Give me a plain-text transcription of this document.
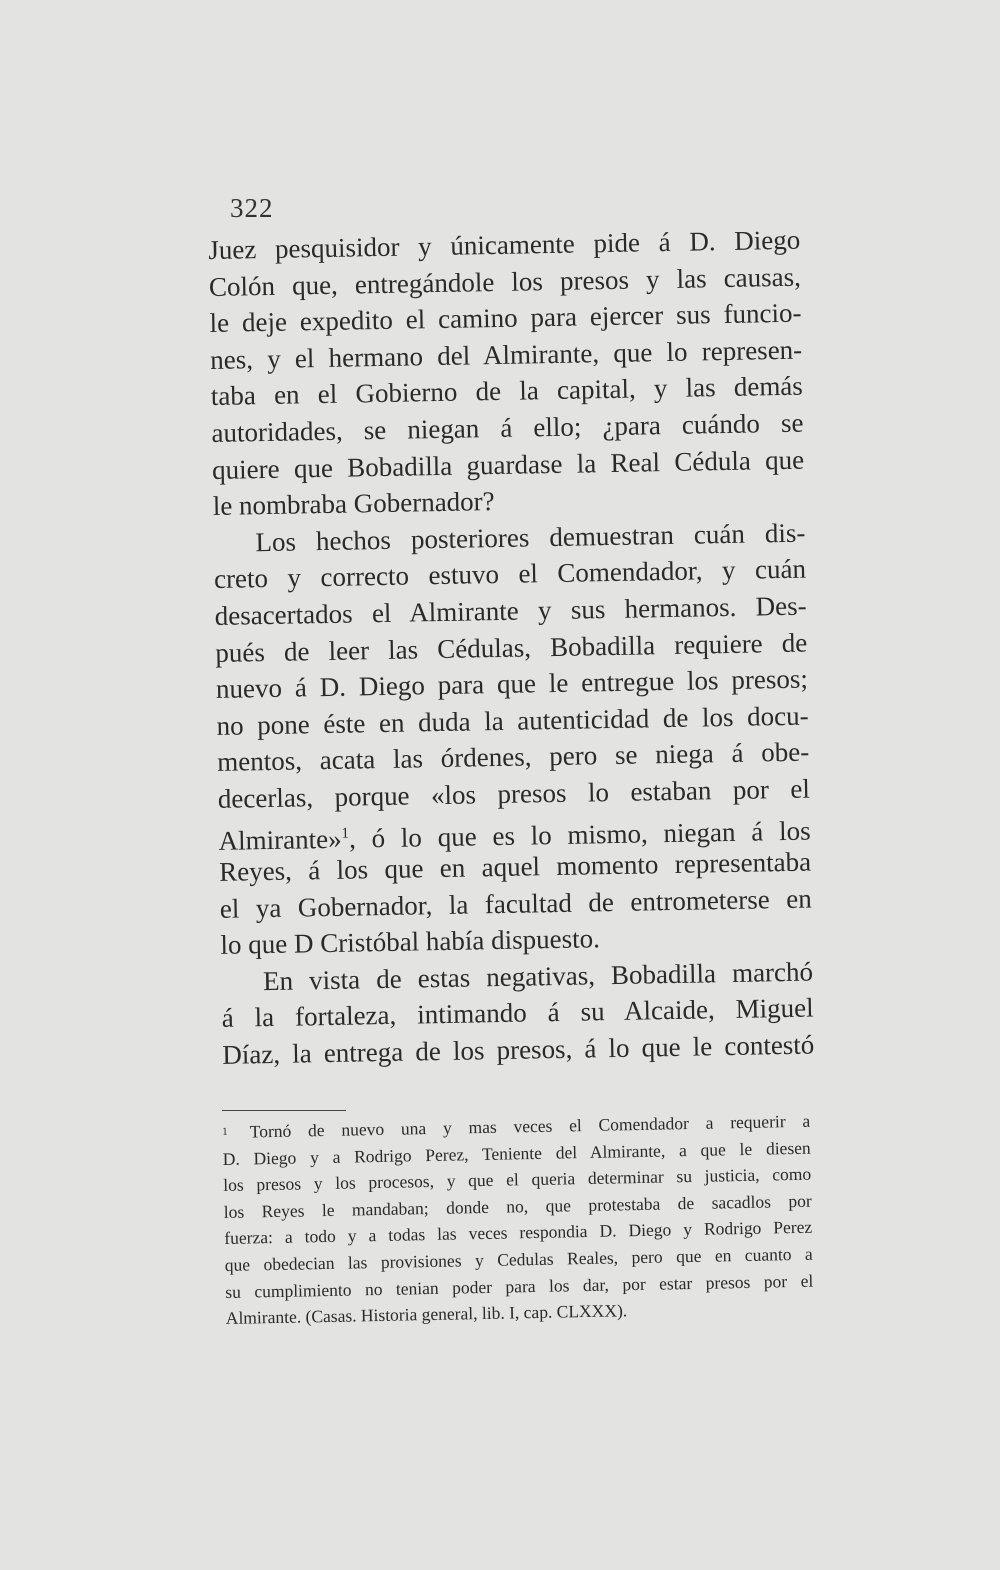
322
Juez pesquisidor y únicamente pide á D. Diego
Colón que, entregándole los presos y las causas,
le deje expedito el camino para ejercer sus funcio-
nes, y el hermano del Almirante, que lo represen-
taba en el Gobierno de la capital, y las demás
autoridades, se niegan á ello; ¿para cuándo se
quiere que Bobadilla guardase la Real Cédula que
le nombraba Gobernador?
Los hechos posteriores demuestran cuán dis-
creto y correcto estuvo el Comendador, y cuán
desacertados el Almirante y sus hermanos. Des-
pués de leer las Cédulas, Bobadilla requiere de
nuevo á D. Diego para que le entregue los presos;
no pone éste en duda la autenticidad de los docu-
mentos, acata las órdenes, pero se niega á obe-
decerlas, porque «los presos lo estaban por el
Almirante»$^1$, ó lo que es lo mismo, niegan á los
Reyes, á los que en aquel momento representaba
el ya Gobernador, la facultad de entrometerse en
lo que D Cristóbal había dispuesto.
En vista de estas negativas, Bobadilla marchó
á la fortaleza, intimando á su Alcaide, Miguel
Díaz, la entrega de los presos, á lo que le contestó
1 Tornó de nuevo una y mas veces el Comendador a requerir a
D. Diego y a Rodrigo Perez, Teniente del Almirante, a que le diesen
los presos y los procesos, y que el queria determinar su justicia, como
los Reyes le mandaban; donde no, que protestaba de sacadlos por
fuerza: a todo y a todas las veces respondia D. Diego y Rodrigo Perez
que obedecian las provisiones y Cedulas Reales, pero que en cuanto a
su cumplimiento no tenian poder para los dar, por estar presos por el
Almirante. (Casas. Historia general, lib. I, cap. CLXXX).
